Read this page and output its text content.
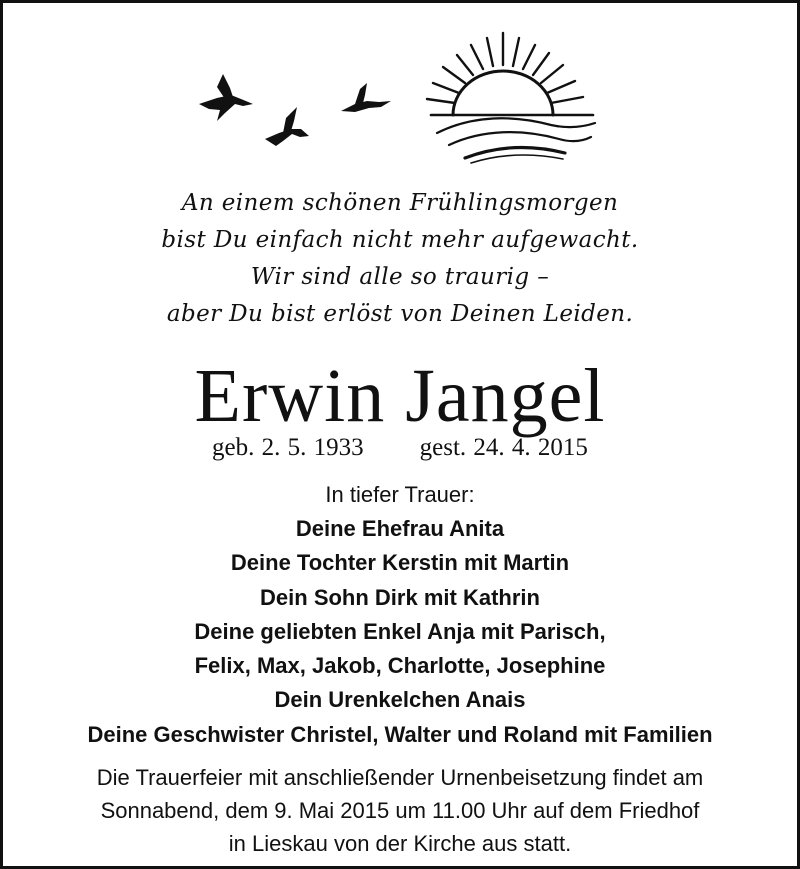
An einem schönen Frühlingsmorgen
bist Du einfach nicht mehr aufgewacht.
Wir sind alle so traurig –
aber Du bist erlöst von Deinen Leiden.
Erwin Jangel
geb. 2. 5. 1933 gest. 24. 4. 2015
In tiefer Trauer:
Deine Ehefrau Anita
Deine Tochter Kerstin mit Martin
Dein Sohn Dirk mit Kathrin
Deine geliebten Enkel Anja mit Parisch,
Felix, Max, Jakob, Charlotte, Josephine
Dein Urenkelchen Anais
Deine Geschwister Christel, Walter und Roland mit Familien
Die Trauerfeier mit anschließender Urnenbeisetzung findet am
Sonnabend, dem 9. Mai 2015 um 11.00 Uhr auf dem Friedhof
in Lieskau von der Kirche aus statt.
